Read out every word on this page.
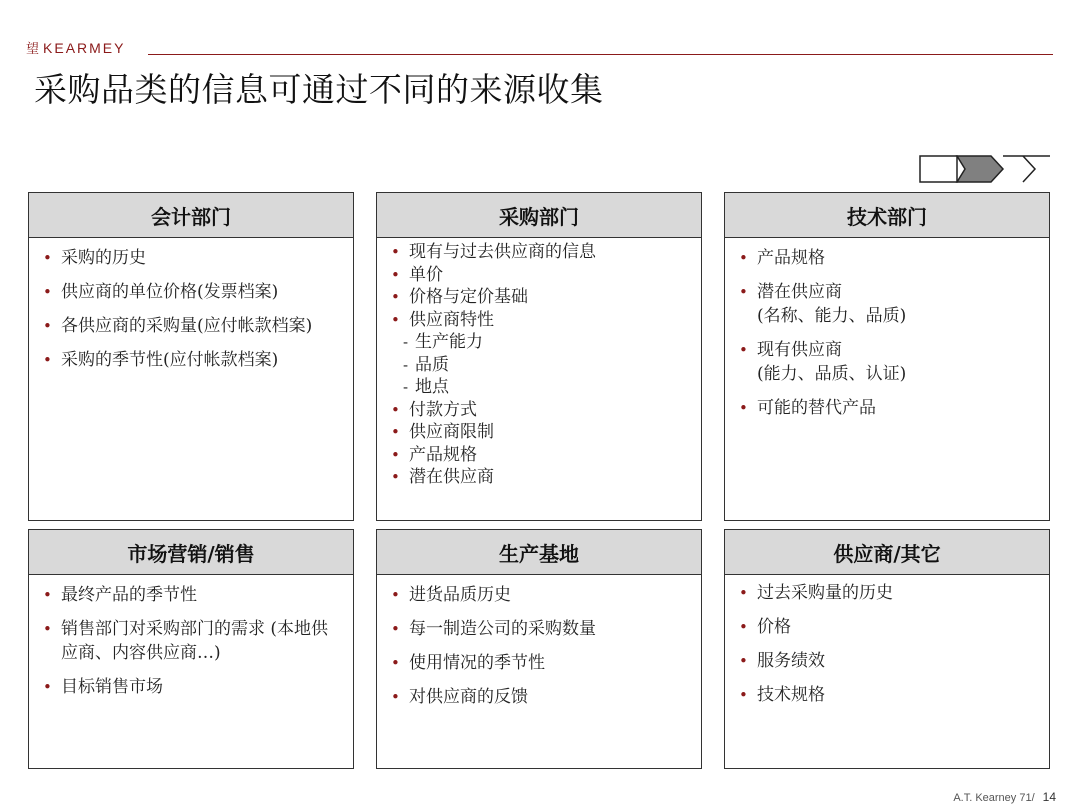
望 KEARMEY
采购品类的信息可通过不同的来源收集
会计部门
• 采购的历史
• 供应商的单位价格(发票档案)
• 各供应商的采购量(应付帐款档案)
• 采购的季节性(应付帐款档案)
采购部门
• 现有与过去供应商的信息
• 单价
• 价格与定价基础
• 供应商特性
- 生产能力
- 品质
- 地点
• 付款方式
• 供应商限制
• 产品规格
• 潜在供应商
技术部门
• 产品规格
• 潜在供应商
(名称、能力、品质)
• 现有供应商
(能力、品质、认证)
• 可能的替代产品
市场营销/销售
• 最终产品的季节性
• 销售部门对采购部门的需求 (本地供应商、内容供应商…)
• 目标销售市场
生产基地
• 进货品质历史
• 每一制造公司的采购数量
• 使用情况的季节性
• 对供应商的反馈
供应商/其它
• 过去采购量的历史
• 价格
• 服务绩效
• 技术规格
A.T. Kearney 71/ 14
